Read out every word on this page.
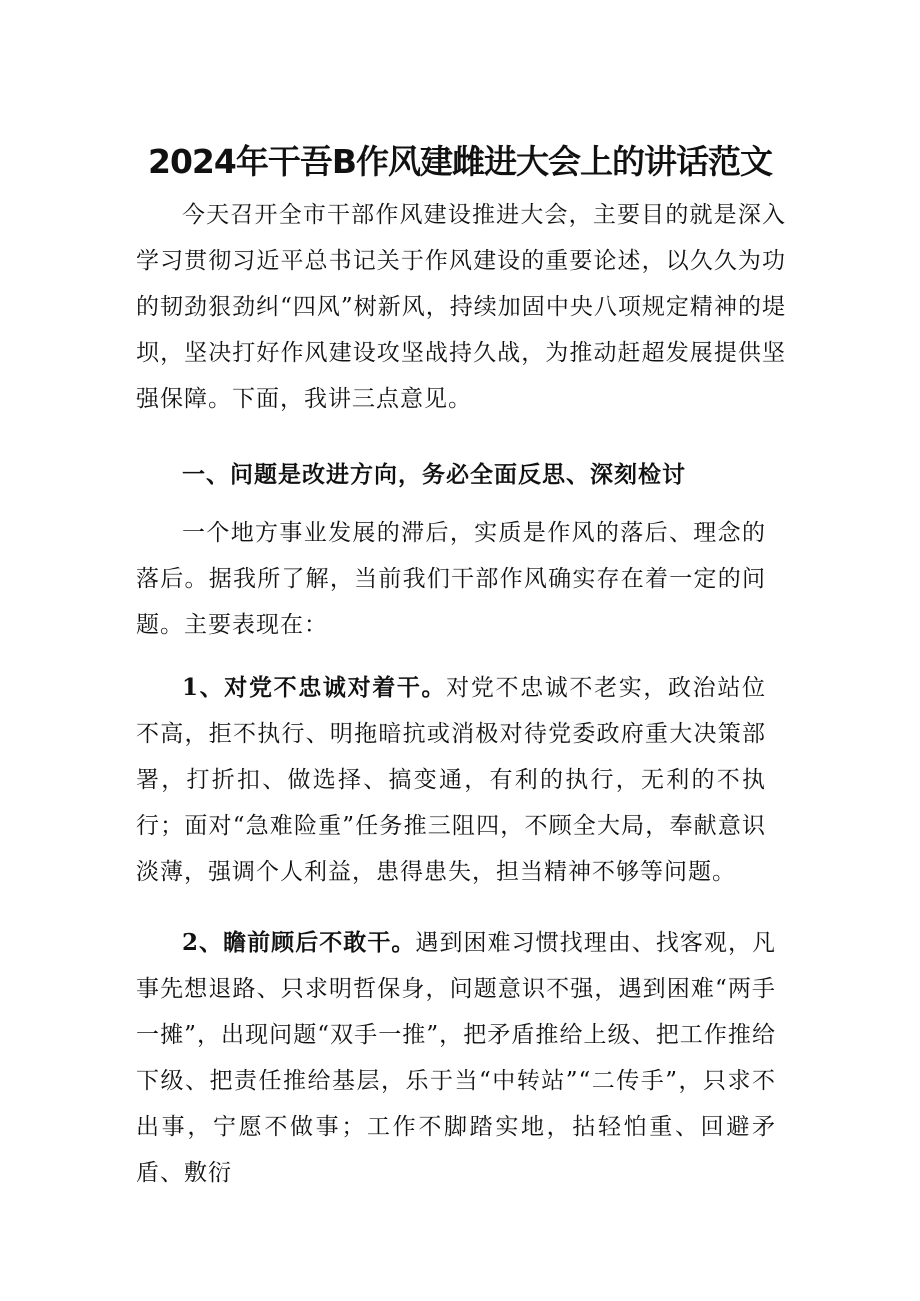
2024年干吾B作风建雌进大会上的讲话范文

今天召开全市干部作风建设推进大会，主要目的就是深入学习贯彻习近平总书记关于作风建设的重要论述，以久久为功的韧劲狠劲纠“四风”树新风，持续加固中央八项规定精神的堤坝，坚决打好作风建设攻坚战持久战，为推动赶超发展提供坚强保障。下面，我讲三点意见。

一、问题是改进方向，务必全面反思、深刻检讨

一个地方事业发展的滞后，实质是作风的落后、理念的落后。据我所了解，当前我们干部作风确实存在着一定的问题。主要表现在：

1、对党不忠诚对着干。对党不忠诚不老实，政治站位不高，拒不执行、明拖暗抗或消极对待党委政府重大决策部署，打折扣、做选择、搞变通，有利的执行，无利的不执行；面对“急难险重”任务推三阻四，不顾全大局，奉献意识淡薄，强调个人利益，患得患失，担当精神不够等问题。

2、瞻前顾后不敢干。遇到困难习惯找理由、找客观，凡事先想退路、只求明哲保身，问题意识不强，遇到困难“两手一摊”，出现问题“双手一推”，把矛盾推给上级、把工作推给下级、把责任推给基层，乐于当“中转站”“二传手”，只求不出事，宁愿不做事；工作不脚踏实地，拈轻怕重、回避矛盾、敷衍
